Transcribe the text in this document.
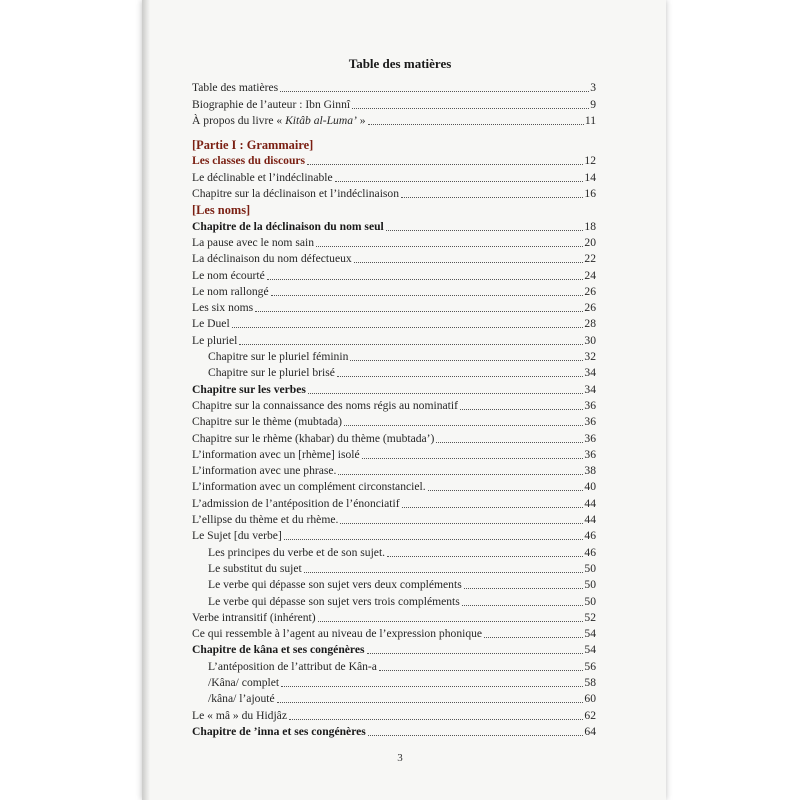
Table des matières
Table des matières	3
Biographie de l’auteur : Ibn Ginnî	9
À propos du livre « Kitâb al-Luma’ »	11
[Partie I : Grammaire]
Les classes du discours	12
Le déclinable et l’indéclinable	14
Chapitre sur la déclinaison et l’indéclinaison	16
[Les noms]
Chapitre de la déclinaison du nom seul	18
La pause avec le nom sain	20
La déclinaison du nom défectueux	22
Le nom écourté	24
Le nom rallongé	26
Les six noms	26
Le Duel	28
Le pluriel	30
Chapitre sur le pluriel féminin	32
Chapitre sur le pluriel brisé	34
Chapitre sur les verbes	34
Chapitre sur la connaissance des noms régis au nominatif	36
Chapitre sur le thème (mubtada)	36
Chapitre sur le rhème (khabar) du thème (mubtada’)	36
L’information avec un [rhème] isolé	36
L’information avec une phrase.	38
L’information avec un complément circonstanciel.	40
L’admission de l’antéposition de l’énonciatif	44
L’ellipse du thème et du rhème.	44
Le Sujet [du verbe]	46
Les principes du verbe et de son sujet.	46
Le substitut du sujet	50
Le verbe qui dépasse son sujet vers deux compléments	50
Le verbe qui dépasse son sujet vers trois compléments	50
Verbe intransitif (inhérent)	52
Ce qui ressemble à l’agent au niveau de l’expression phonique	54
Chapitre de kâna et ses congénères	54
L’antéposition de l’attribut de Kân-a	56
/Kâna/ complet	58
/kâna/ l’ajouté	60
Le « mâ » du Hidjâz	62
Chapitre de ’inna et ses congénères	64
3
